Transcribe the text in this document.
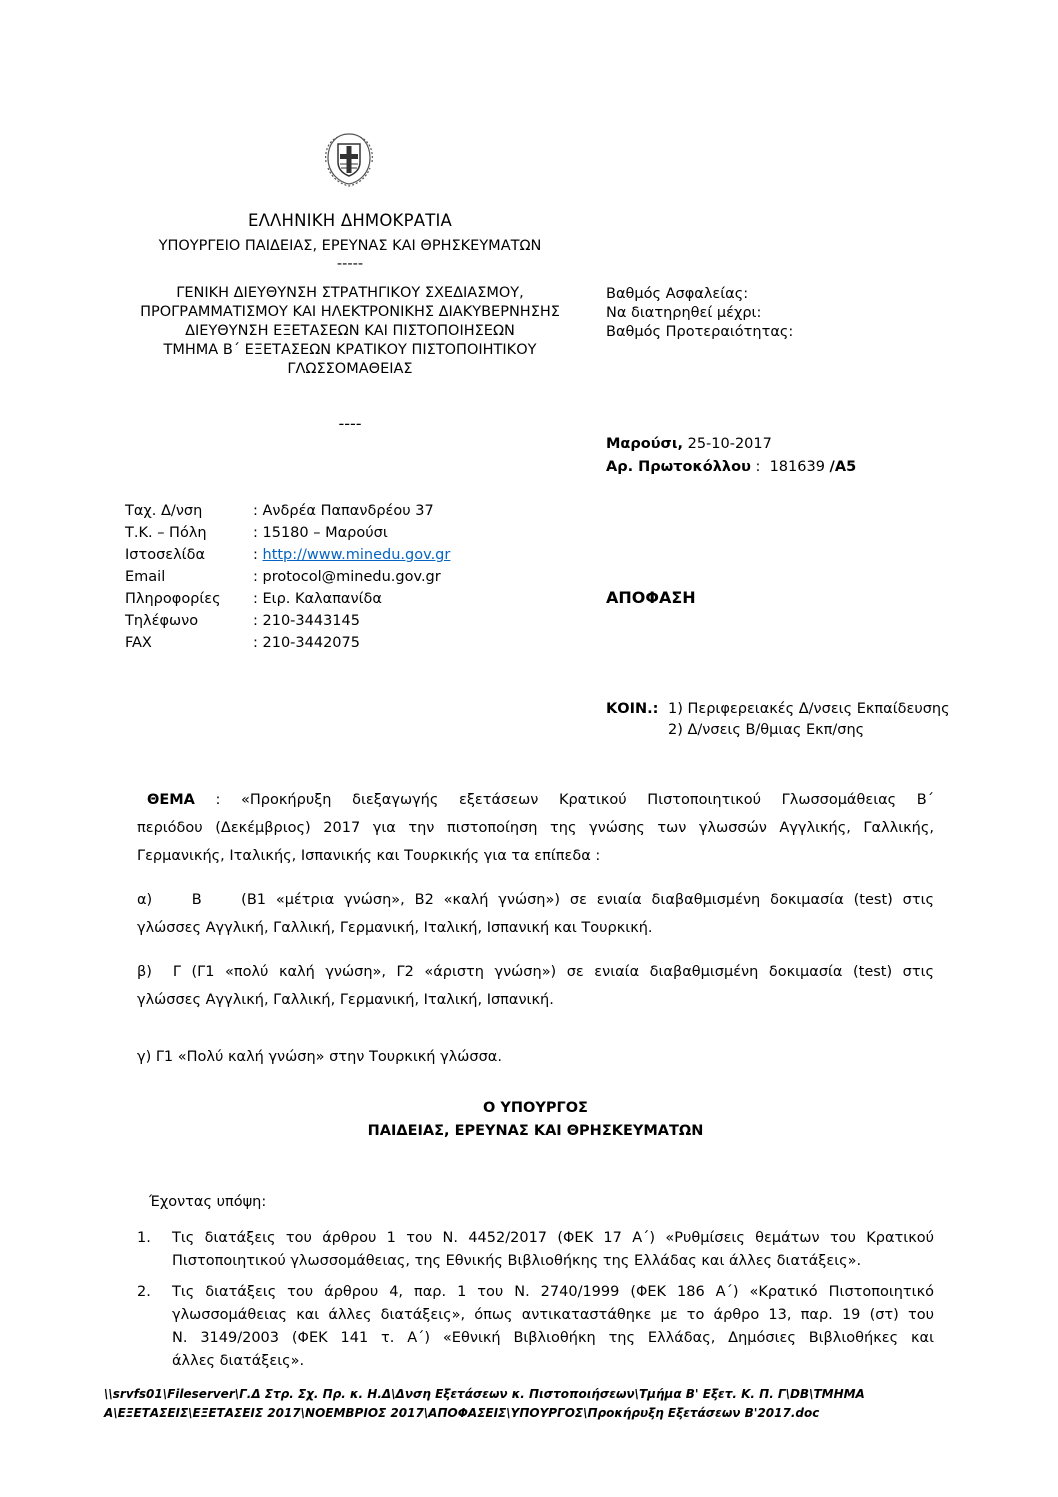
ΕΛΛΗΝΙΚΗ ΔΗΜΟΚΡΑΤΙΑ
ΥΠΟΥΡΓΕΙΟ ΠΑΙΔΕΙΑΣ, ΕΡΕΥΝΑΣ ΚΑΙ ΘΡΗΣΚΕΥΜΑΤΩΝ
-----
ΓΕΝΙΚΗ ΔΙΕΥΘΥΝΣΗ ΣΤΡΑΤΗΓΙΚΟΥ ΣΧΕΔΙΑΣΜΟΥ,
ΠΡΟΓΡΑΜΜΑΤΙΣΜΟΥ ΚΑΙ ΗΛΕΚΤΡΟΝΙΚΗΣ ΔΙΑΚΥΒΕΡΝΗΣΗΣ
ΔΙΕΥΘΥΝΣΗ ΕΞΕΤΑΣΕΩΝ ΚΑΙ ΠΙΣΤΟΠΟΙΗΣΕΩΝ
ΤΜΗΜΑ Β΄ ΕΞΕΤΑΣΕΩΝ ΚΡΑΤΙΚΟΥ ΠΙΣΤΟΠΟΙΗΤΙΚΟΥ
ΓΛΩΣΣΟΜΑΘΕΙΑΣ
----
Βαθμός Ασφαλείας:
Να διατηρηθεί μέχρι:
Βαθμός Προτεραιότητας:
Μαρούσι, 25-10-2017
Αρ. Πρωτοκόλλου :  181639 /Α5
Ταχ. Δ/νση	: Ανδρέα Παπανδρέου 37
Τ.Κ. – Πόλη	: 15180 – Μαρούσι
Ιστοσελίδα	: http://www.minedu.gov.gr
Email	: protocol@minedu.gov.gr
Πληροφορίες	: Ειρ. Καλαπανίδα
Τηλέφωνο	: 210-3443145
FAX	: 210-3442075
ΑΠΟΦΑΣΗ
ΚΟΙΝ.: 1) Περιφερειακές Δ/νσεις Εκπαίδευσης
2) Δ/νσεις Β/θμιας Εκπ/σης
ΘΕΜΑ : «Προκήρυξη διεξαγωγής εξετάσεων Κρατικού Πιστοποιητικού Γλωσσομάθειας Β΄
περιόδου (Δεκέμβριος) 2017 για την πιστοποίηση της γνώσης των γλωσσών Αγγλικής, Γαλλικής,
Γερμανικής, Ιταλικής, Ισπανικής και Τουρκικής για τα επίπεδα :
α)    Β    (Β1 «μέτρια γνώση», Β2 «καλή γνώση») σε ενιαία διαβαθμισμένη δοκιμασία (test) στις
γλώσσες Αγγλική, Γαλλική, Γερμανική, Ιταλική, Ισπανική και Τουρκική.
β)  Γ (Γ1 «πολύ καλή γνώση», Γ2 «άριστη γνώση») σε ενιαία διαβαθμισμένη δοκιμασία (test) στις
γλώσσες Αγγλική, Γαλλική, Γερμανική, Ιταλική, Ισπανική.
γ) Γ1 «Πολύ καλή γνώση» στην Τουρκική γλώσσα.
Ο ΥΠΟΥΡΓΟΣ
ΠΑΙΔΕΙΑΣ, ΕΡΕΥΝΑΣ ΚΑΙ ΘΡΗΣΚΕΥΜΑΤΩΝ
Έχοντας υπόψη:
1.	Τις διατάξεις του άρθρου 1 του Ν. 4452/2017 (ΦΕΚ 17 Α΄) «Ρυθμίσεις θεμάτων του Κρατικού
Πιστοποιητικού γλωσσομάθειας, της Εθνικής Βιβλιοθήκης της Ελλάδας και άλλες διατάξεις».
2.	Τις διατάξεις του άρθρου 4, παρ. 1 του Ν. 2740/1999 (ΦΕΚ 186 Α΄) «Κρατικό Πιστοποιητικό
γλωσσομάθειας και άλλες διατάξεις», όπως αντικαταστάθηκε με το άρθρο 13, παρ. 19 (στ) του
Ν. 3149/2003 (ΦΕΚ 141 τ. Α΄) «Εθνική Βιβλιοθήκη της Ελλάδας, Δημόσιες Βιβλιοθήκες και
άλλες διατάξεις».
\\srvfs01\Fileserver\Γ.Δ Στρ. Σχ. Πρ. κ. Η.Δ\Δνση Εξετάσεων κ. Πιστοποιήσεων\Τμήμα Β' Εξετ. Κ. Π. Γ\DB\ΤΜΗΜΑ
Α\ΕΞΕΤΑΣΕΙΣ\ΕΞΕΤΑΣΕΙΣ 2017\ΝΟΕΜΒΡΙΟΣ 2017\ΑΠΟΦΑΣΕΙΣ\ΥΠΟΥΡΓΟΣ\Προκήρυξη Εξετάσεων Β'2017.doc
